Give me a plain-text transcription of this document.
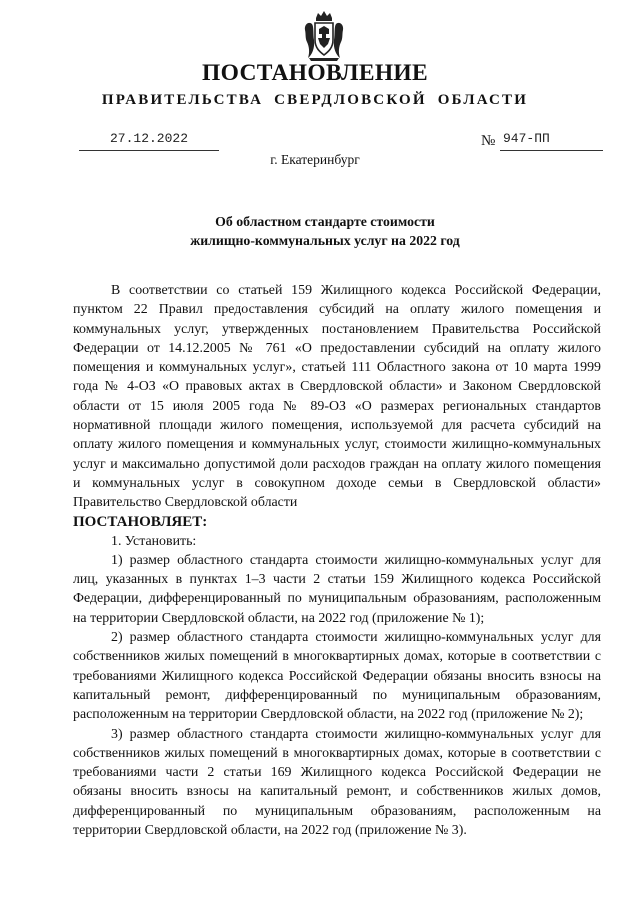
ПОСТАНОВЛЕНИЕ
ПРАВИТЕЛЬСТВА СВЕРДЛОВСКОЙ ОБЛАСТИ
27.12.2022	№ 947-ПП
г. Екатеринбург
Об областном стандарте стоимости
жилищно-коммунальных услуг на 2022 год

В соответствии со статьей 159 Жилищного кодекса Российской Федерации, пунктом 22 Правил предоставления субсидий на оплату жилого помещения и коммунальных услуг, утвержденных постановлением Правительства Российской Федерации от 14.12.2005 № 761 «О предоставлении субсидий на оплату жилого помещения и коммунальных услуг», статьей 111 Областного закона от 10 марта 1999 года № 4-ОЗ «О правовых актах в Свердловской области» и Законом Свердловской области от 15 июля 2005 года № 89-ОЗ «О размерах региональных стандартов нормативной площади жилого помещения, используемой для расчета субсидий на оплату жилого помещения и коммунальных услуг, стоимости жилищно-коммунальных услуг и максимально допустимой доли расходов граждан на оплату жилого помещения и коммунальных услуг в совокупном доходе семьи в Свердловской области» Правительство Свердловской области

ПОСТАНОВЛЯЕТ:

1. Установить:

1) размер областного стандарта стоимости жилищно-коммунальных услуг для лиц, указанных в пунктах 1–3 части 2 статьи 159 Жилищного кодекса Российской Федерации, дифференцированный по муниципальным образованиям, расположенным на территории Свердловской области, на 2022 год (приложение № 1);

2) размер областного стандарта стоимости жилищно-коммунальных услуг для собственников жилых помещений в многоквартирных домах, которые в соответствии с требованиями Жилищного кодекса Российской Федерации обязаны вносить взносы на капитальный ремонт, дифференцированный по муниципальным образованиям, расположенным на территории Свердловской области, на 2022 год (приложение № 2);

3) размер областного стандарта стоимости жилищно-коммунальных услуг для собственников жилых помещений в многоквартирных домах, которые в соответствии с требованиями части 2 статьи 169 Жилищного кодекса Российской Федерации не обязаны вносить взносы на капитальный ремонт, и собственников жилых домов, дифференцированный по муниципальным образованиям, расположенным на территории Свердловской области, на 2022 год (приложение № 3).
